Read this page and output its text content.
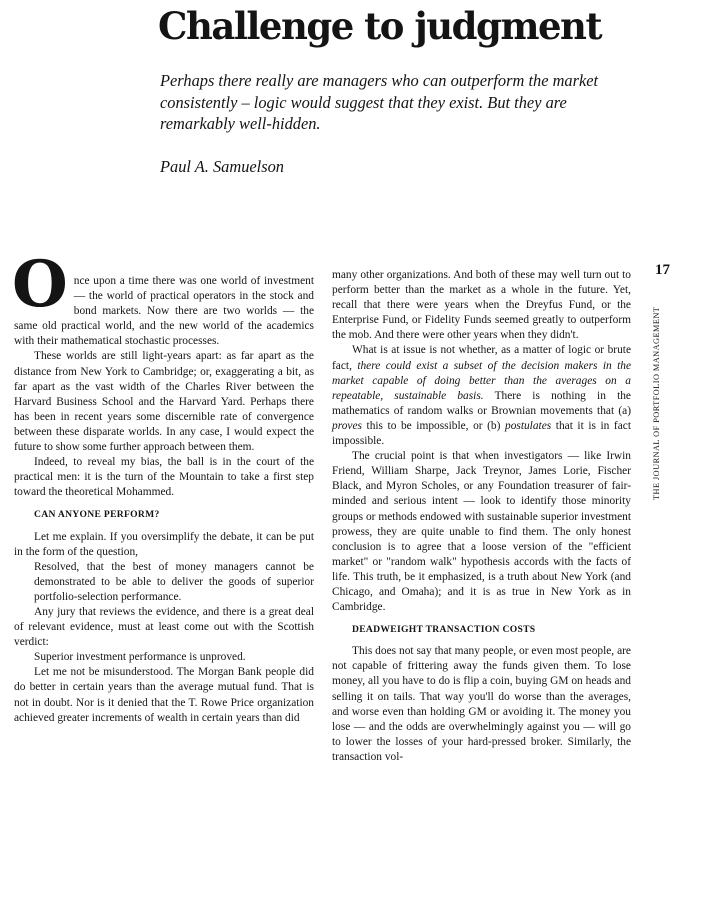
Challenge to judgment

Perhaps there really are managers who can outperform the market consistently – logic would suggest that they exist. But they are remarkably well-hidden.

Paul A. Samuelson

17

THE JOURNAL OF PORTFOLIO MANAGEMENT

Once upon a time there was one world of investment — the world of practical operators in the stock and bond markets. Now there are two worlds — the same old practical world, and the new world of the academics with their mathematical stochastic processes.

These worlds are still light-years apart: as far apart as the distance from New York to Cambridge; or, exaggerating a bit, as far apart as the vast width of the Charles River between the Harvard Business School and the Harvard Yard. Perhaps there has been in recent years some discernible rate of convergence between these disparate worlds. In any case, I would expect the future to show some further approach between them.

Indeed, to reveal my bias, the ball is in the court of the practical men: it is the turn of the Mountain to take a first step toward the theoretical Mohammed.

CAN ANYONE PERFORM?

Let me explain. If you oversimplify the debate, it can be put in the form of the question,

Resolved, that the best of money managers cannot be demonstrated to be able to deliver the goods of superior portfolio-selection performance.

Any jury that reviews the evidence, and there is a great deal of relevant evidence, must at least come out with the Scottish verdict:

Superior investment performance is unproved.

Let me not be misunderstood. The Morgan Bank people did do better in certain years than the average mutual fund. That is not in doubt. Nor is it denied that the T. Rowe Price organization achieved greater increments of wealth in certain years than did

many other organizations. And both of these may well turn out to perform better than the market as a whole in the future. Yet, recall that there were years when the Dreyfus Fund, or the Enterprise Fund, or Fidelity Funds seemed greatly to outperform the mob. And there were other years when they didn't.

What is at issue is not whether, as a matter of logic or brute fact, there could exist a subset of the decision makers in the market capable of doing better than the averages on a repeatable, sustainable basis. There is nothing in the mathematics of random walks or Brownian movements that (a) proves this to be impossible, or (b) postulates that it is in fact impossible.

The crucial point is that when investigators — like Irwin Friend, William Sharpe, Jack Treynor, James Lorie, Fischer Black, and Myron Scholes, or any Foundation treasurer of fair-minded and serious intent — look to identify those minority groups or methods endowed with sustainable superior investment prowess, they are quite unable to find them. The only honest conclusion is to agree that a loose version of the "efficient market" or "random walk" hypothesis accords with the facts of life. This truth, be it emphasized, is a truth about New York (and Chicago, and Omaha); and it is as true in New York as in Cambridge.

DEADWEIGHT TRANSACTION COSTS

This does not say that many people, or even most people, are not capable of frittering away the funds given them. To lose money, all you have to do is flip a coin, buying GM on heads and selling it on tails. That way you'll do worse than the averages, and worse even than holding GM or avoiding it. The money you lose — and the odds are overwhelmingly against you — will go to lower the losses of your hard-pressed broker. Similarly, the transaction vol-
